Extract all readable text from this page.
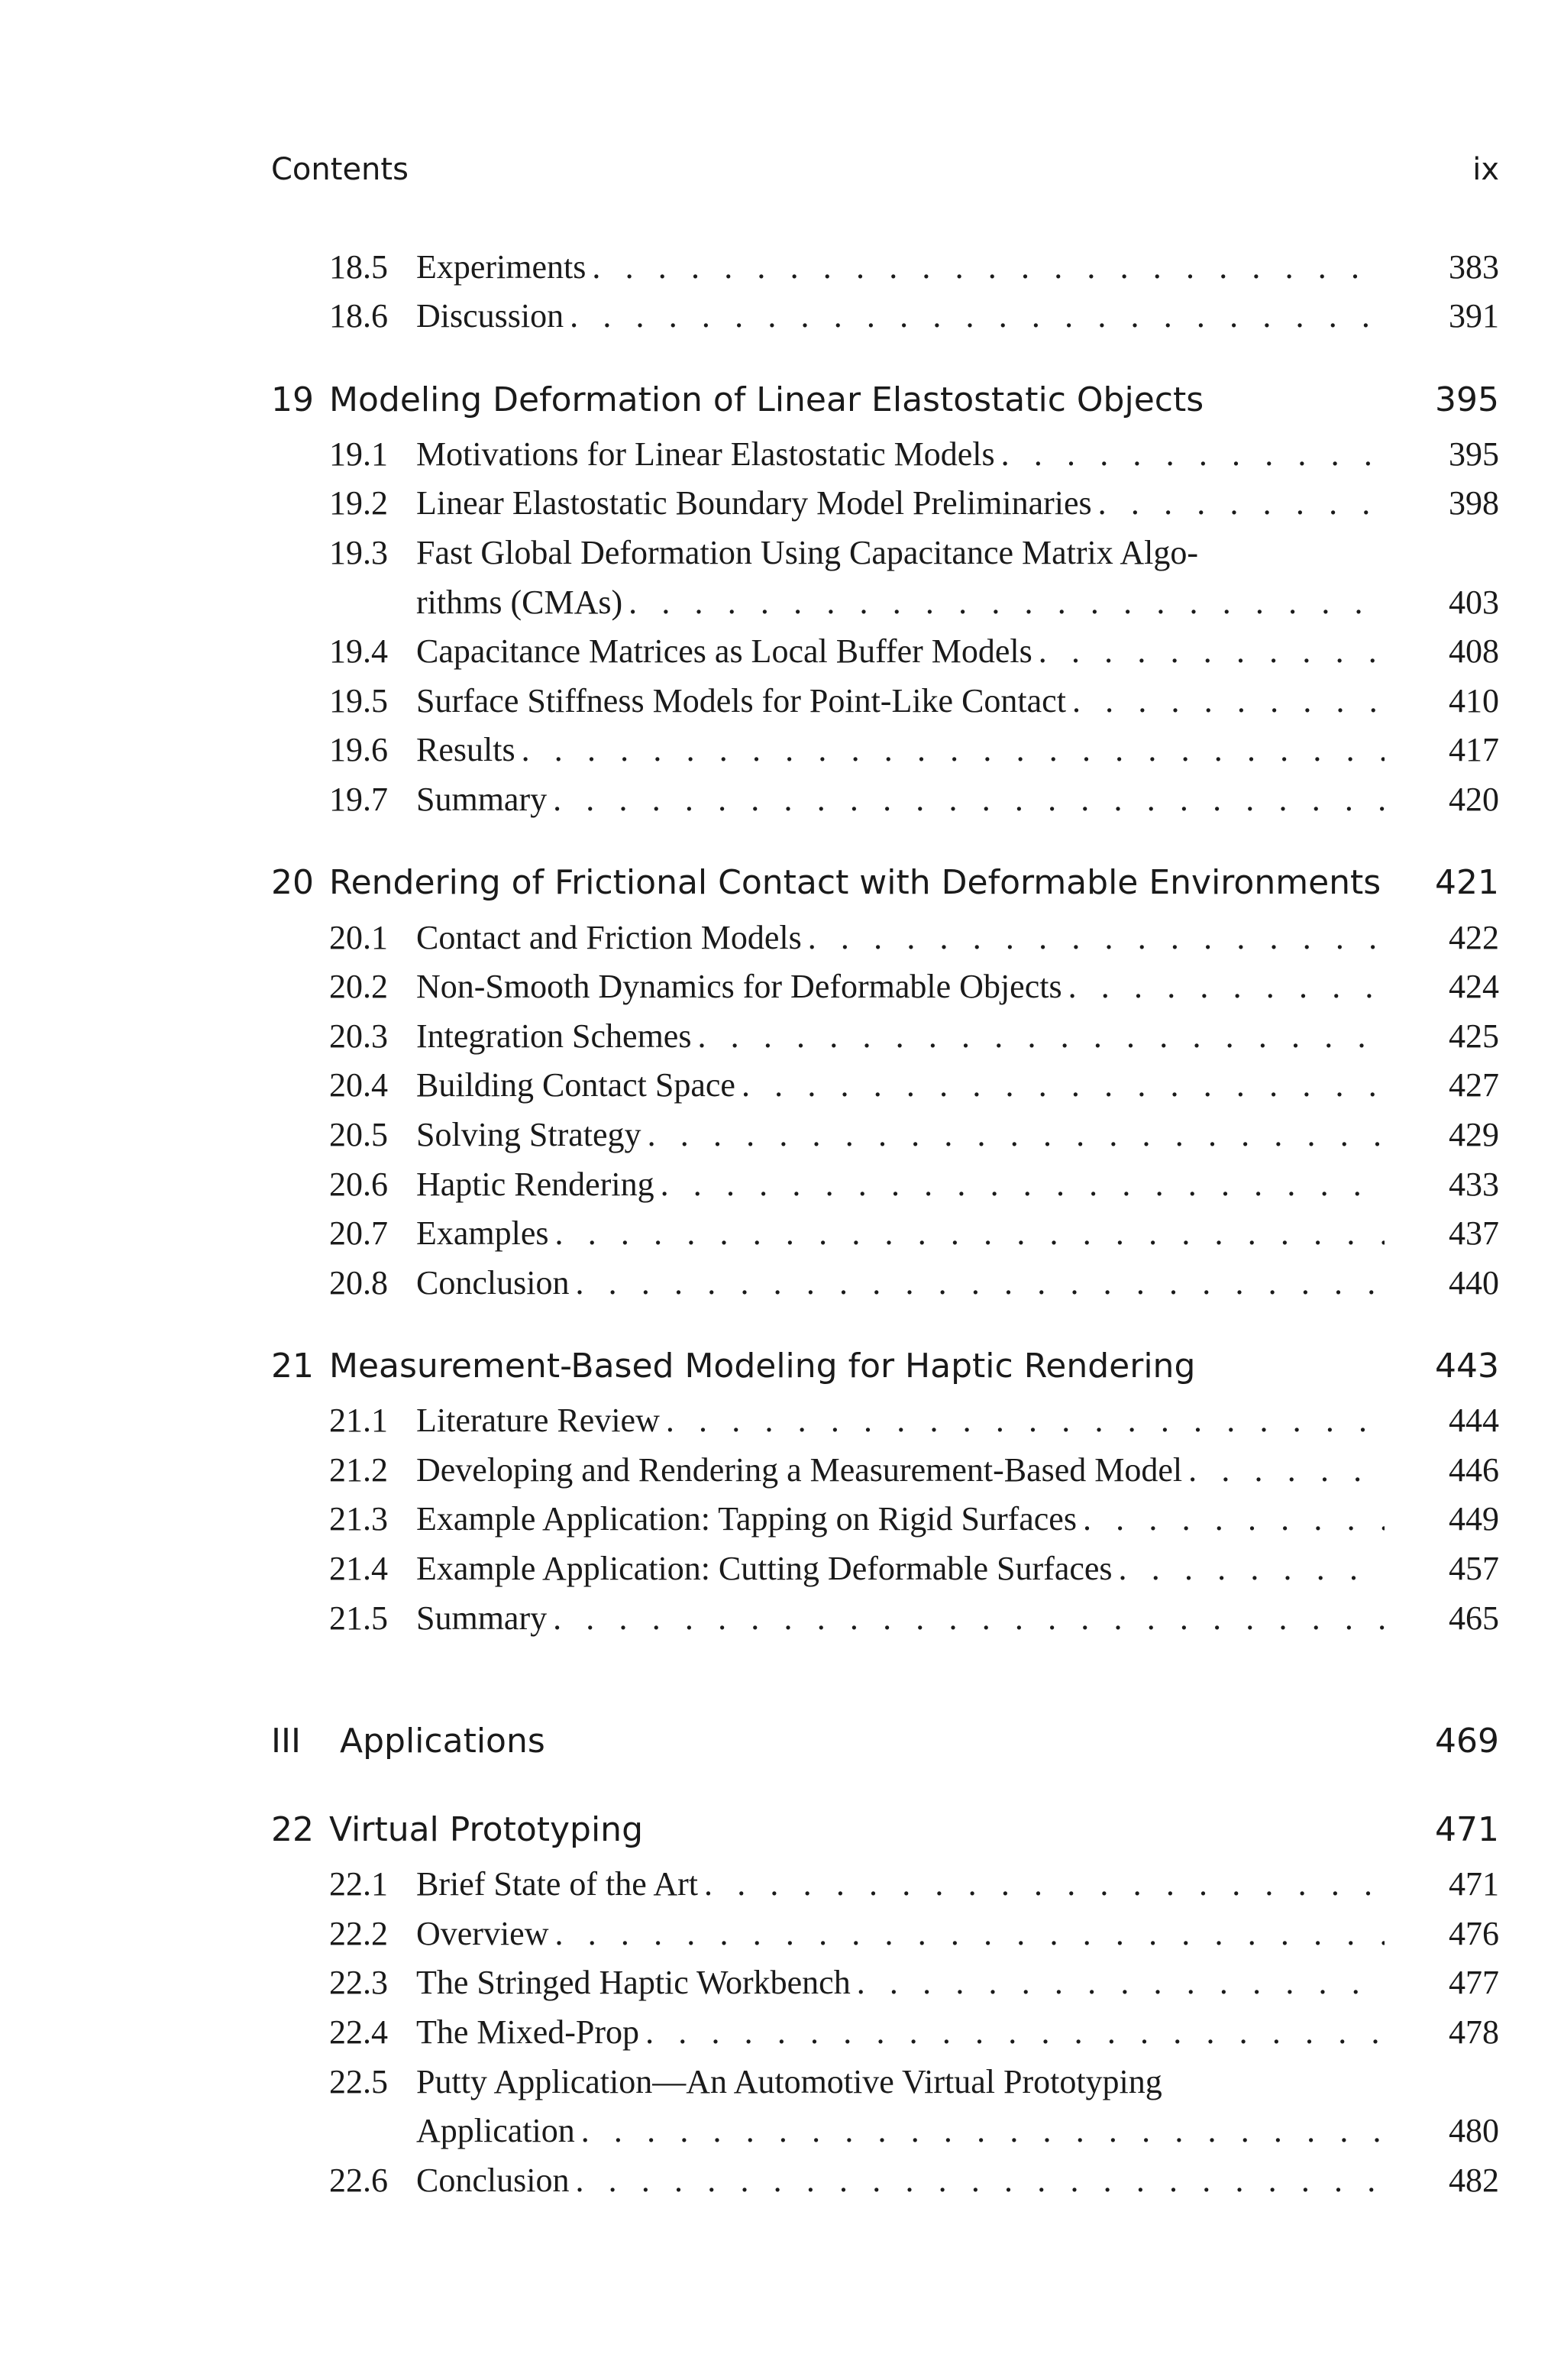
Contents	ix
18.5 Experiments . . .	383
18.6 Discussion . . .	391
19 Modeling Deformation of Linear Elastostatic Objects	395
19.1 Motivations for Linear Elastostatic Models . . .	395
19.2 Linear Elastostatic Boundary Model Preliminaries . . .	398
19.3 Fast Global Deformation Using Capacitance Matrix Algo-
rithms (CMAs) . . .	403
19.4 Capacitance Matrices as Local Buffer Models . . .	408
19.5 Surface Stiffness Models for Point-Like Contact . . .	410
19.6 Results . . .	417
19.7 Summary . . .	420
20 Rendering of Frictional Contact with Deformable Environments	421
20.1 Contact and Friction Models . . .	422
20.2 Non-Smooth Dynamics for Deformable Objects . . .	424
20.3 Integration Schemes . . .	425
20.4 Building Contact Space . . .	427
20.5 Solving Strategy . . .	429
20.6 Haptic Rendering . . .	433
20.7 Examples . . .	437
20.8 Conclusion . . .	440
21 Measurement-Based Modeling for Haptic Rendering	443
21.1 Literature Review . . .	444
21.2 Developing and Rendering a Measurement-Based Model . . .	446
21.3 Example Application: Tapping on Rigid Surfaces . . .	449
21.4 Example Application: Cutting Deformable Surfaces . . .	457
21.5 Summary . . .	465
III	Applications	469
22 Virtual Prototyping	471
22.1 Brief State of the Art . . .	471
22.2 Overview . . .	476
22.3 The Stringed Haptic Workbench . . .	477
22.4 The Mixed-Prop . . .	478
22.5 Putty Application—An Automotive Virtual Prototyping
Application . . .	480
22.6 Conclusion . . .	482
